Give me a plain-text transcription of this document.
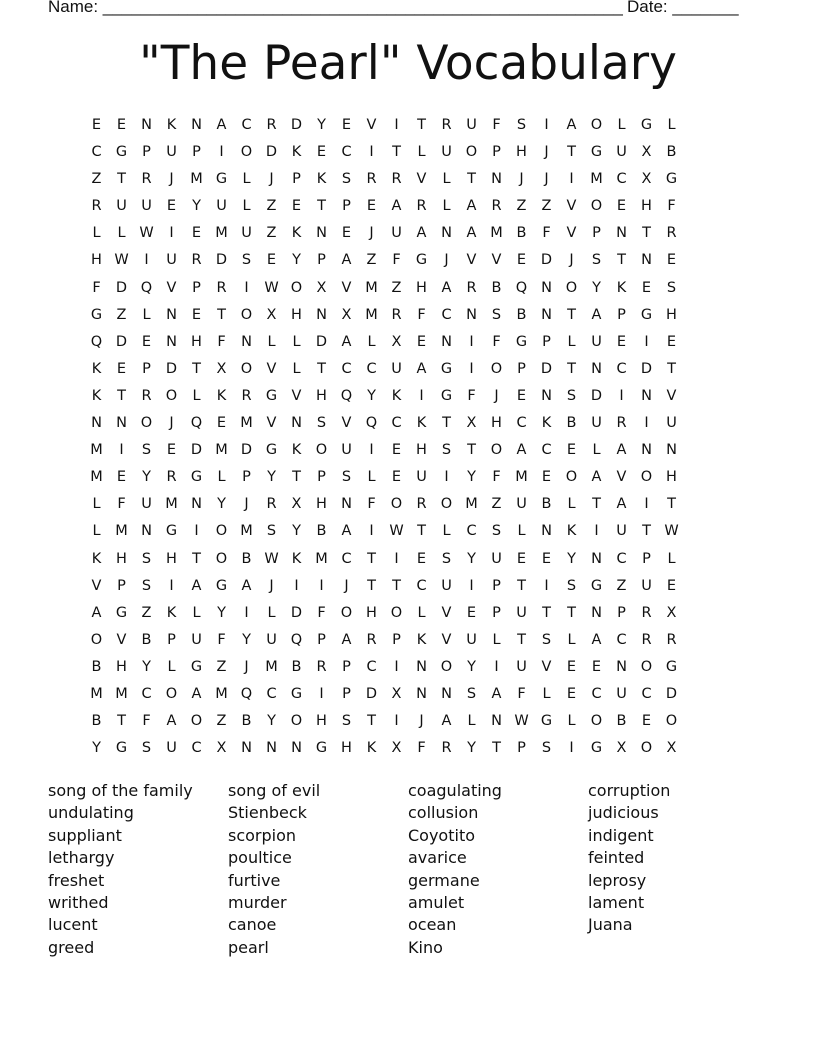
Name: _______________________________________________________ Date: _______
"The Pearl" Vocabulary
E	E	N	K	N	A	C	R D	Y	E	V	I	T	R	U	F	S	I	A O	L	G	L
C G	P	U	P	I	O D	K	E	C	I	T	L	U O	P	H	J	T	G U	X	B
Z	T	R	J	M G	L	J	P	K	S	R	R	V	L	T	N	J	J	I	M C	X G
R	U U	E	Y	U	L	Z	E	T	P	E	A	R	L	A	R	Z	Z	V O	E	H	F
L	L W	I	E M U	Z	K	N	E	J	U	A	N	A M B	F	V	P	N	T	R
H W	I	U	R D	S	E	Y	P	A	Z	F	G	J	V	V	E	D	J	S	T	N	E
F	D Q V	P	R	I	W O X	V M Z	H	A	R	B Q N O	Y	K	E	S
G Z	L	N	E	T	O X	H N	X M R	F	C	N	S	B	N	T	A	P	G H
Q D	E	N H	F	N	L	L	D A	L	X	E	N	I	F	G	P	L	U	E	I	E
K	E	P	D	T	X O V	L	T	C	C	U	A G	I	O	P	D	T	N	C D	T
K	T	R O	L	K	R G V	H Q	Y	K	I	G	F	J	E	N	S	D	I	N	V
N N O	J	Q	E M V	N	S	V Q C	K	T	X	H C	K	B	U	R	I	U
M	I	S	E	D M D G	K	O U	I	E	H	S	T	O A	C	E	L	A	N N
M E	Y	R G	L	P	Y	T	P	S	L	E	U	I	Y	F	M E	O A	V O H
L	F	U M N	Y	J	R	X	H N	F	O R O M Z	U	B	L	T	A	I	T
L	M N G	I	O M S	Y	B	A	I	W T	L	C	S	L	N	K	I	U	T W
K	H	S	H	T	O B W K M C	T	I	E	S	Y	U	E	E	Y	N	C	P	L
V	P	S	I	A G A	J	I	I	J	T	T	C	U	I	P	T	I	S	G Z	U	E
A G Z	K	L	Y	I	L	D	F	O H O	L	V	E	P	U	T	T	N	P	R	X
O V	B	P	U	F	Y	U Q	P	A	R	P	K	V	U	L	T	S	L	A	C	R	R
B	H	Y	L	G Z	J	M B	R	P	C	I	N O	Y	I	U	V	E	E	N O G
M M C O A M Q C G	I	P	D X	N N	S	A	F	L	E	C	U	C D
B	T	F	A O Z	B	Y	O H	S	T	I	J	A	L	N W G	L	O B	E	O
Y	G	S	U	C	X	N N N G H	K	X	F	R	Y	T	P	S	I	G X O X
song of the family
undulating
suppliant
lethargy
freshet
writhed
lucent
greed
song of evil
Stienbeck
scorpion
poultice
furtive
murder
canoe
pearl
coagulating
collusion
Coyotito
avarice
germane
amulet
ocean
Kino
corruption
judicious
indigent
feinted
leprosy
lament
Juana
